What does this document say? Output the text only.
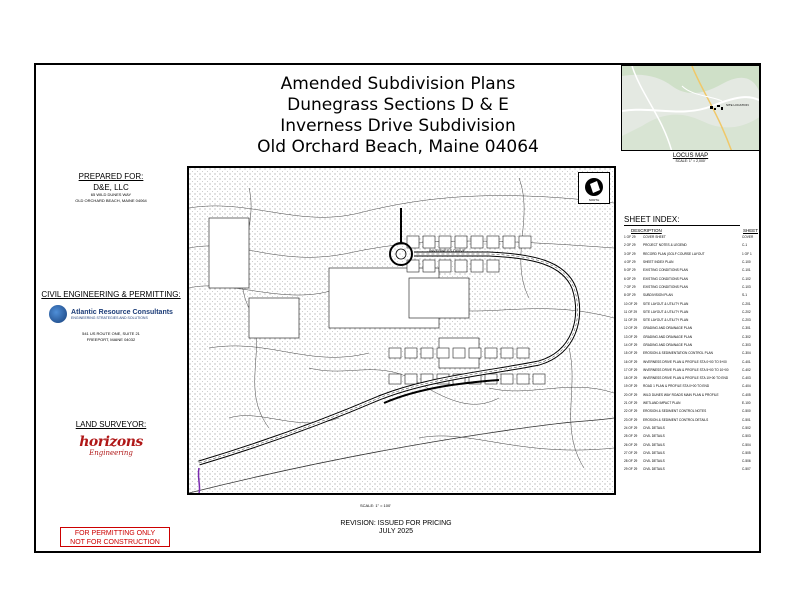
Amended Subdivision Plans
Dunegrass Sections D & E
Inverness Drive Subdivision
Old Orchard Beach, Maine 04064
SITE LOCATION
LOCUS MAP
SCALE: 1" = 2,000'
PREPARED FOR:
D&E, LLC
65 WILD DUNES WAY
OLD ORCHARD BEACH, MAINE 04064
CIVIL ENGINEERING & PERMITTING:
Atlantic Resource Consultants
ENGINEERING STRATEGIES AND SOLUTIONS
541 US ROUTE ONE, SUITE 21
FREEPORT, MAINE 04032
LAND SURVEYOR:
horizons
Engineering
INVERNESS DRIVE
NORTH
SCALE: 1" = 100'
SHEET INDEX:
DESCRIPTION	SHEET
1 OF 29	COVER SHEET	COVER
2 OF 29	PROJECT NOTES & LEGEND	C-1
3 OF 29	RECORD PLAN (GOLF COURSE LAYOUT	1 OF 1
4 OF 29	SHEET INDEX PLAN	C-100
5 OF 29	EXISTING CONDITIONS PLAN	C-101
6 OF 29	EXISTING CONDITIONS PLAN	C-102
7 OF 29	EXISTING CONDITIONS PLAN	C-103
8 OF 29	SUBDIVISION PLAN	S-1
10 OF 29	SITE LAYOUT & UTILITY PLAN	C-201
11 OF 29	SITE LAYOUT & UTILITY PLAN	C-202
11 OF 29	SITE LAYOUT & UTILITY PLAN	C-203
12 OF 29	GRADING AND DRAINAGE PLAN	C-301
13 OF 29	GRADING AND DRAINAGE PLAN	C-302
14 OF 29	GRADING AND DRAINAGE PLAN	C-303
15 OF 29	EROSION & SEDIMENTATION CONTROL PLAN	C-304
16 OF 29	INVERNESS DRIVE PLAN & PROFILE STA 0+00 TO 5+00	C-401
17 OF 29	INVERNESS DRIVE PLAN & PROFILE STA 5+00 TO 10+00	C-402
18 OF 29	INVERNESS DRIVE PLAN & PROFILE STA 10+00 TO END	C-403
19 OF 29	ROAD 1 PLAN & PROFILE STA 0+00 TO END	C-404
20 OF 29	WILD DUNES WAY ROADS MAIN PLAN & PROFILE	C-405
21 OF 29	WETLAND IMPACT PLAN	E-100
22 OF 29	EROSION & SEDIMENT CONTROL NOTES	C-500
23 OF 29	EROSION & SEDIMENT CONTROL DETAILS	C-501
24 OF 29	CIVIL DETAILS	C-502
25 OF 29	CIVIL DETAILS	C-503
26 OF 29	CIVIL DETAILS	C-504
27 OF 29	CIVIL DETAILS	C-505
28 OF 29	CIVIL DETAILS	C-506
29 OF 29	CIVIL DETAILS	C-507
REVISION: ISSUED FOR PRICING
JULY 2025
FOR PERMITTING ONLY
NOT FOR CONSTRUCTION
